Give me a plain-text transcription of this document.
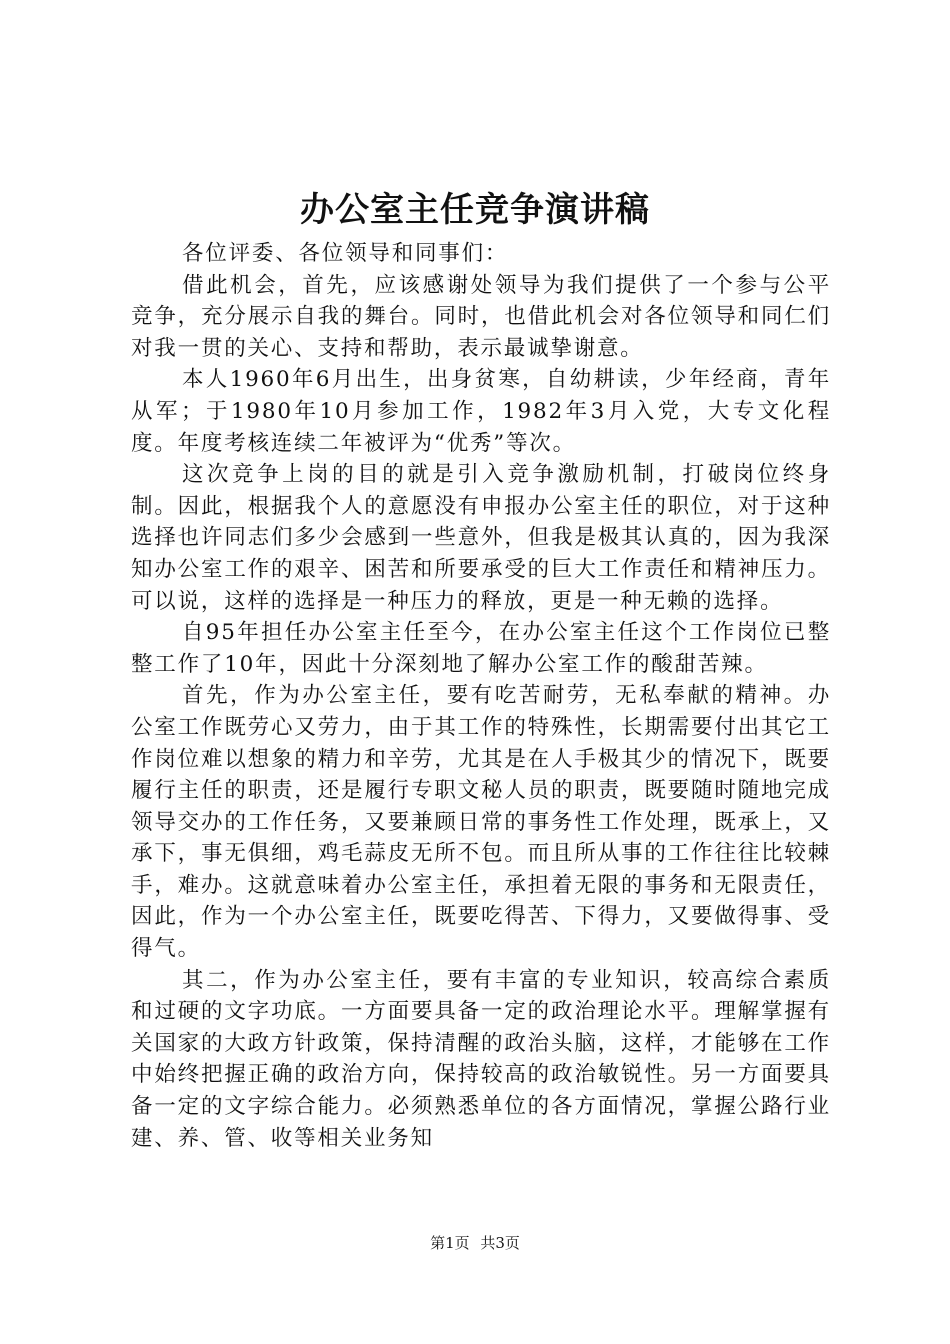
办公室主任竞争演讲稿

各位评委、各位领导和同事们：

借此机会，首先，应该感谢处领导为我们提供了一个参与公平竞争，充分展示自我的舞台。同时，也借此机会对各位领导和同仁们对我一贯的关心、支持和帮助，表示最诚挚谢意。

本人1960年6月出生，出身贫寒，自幼耕读，少年经商，青年从军；于1980年10月参加工作，1982年3月入党，大专文化程度。年度考核连续二年被评为“优秀”等次。

这次竞争上岗的目的就是引入竞争激励机制，打破岗位终身制。因此，根据我个人的意愿没有申报办公室主任的职位，对于这种选择也许同志们多少会感到一些意外，但我是极其认真的，因为我深知办公室工作的艰辛、困苦和所要承受的巨大工作责任和精神压力。可以说，这样的选择是一种压力的释放，更是一种无赖的选择。

自95年担任办公室主任至今，在办公室主任这个工作岗位已整整工作了10年，因此十分深刻地了解办公室工作的酸甜苦辣。

首先，作为办公室主任，要有吃苦耐劳，无私奉献的精神。办公室工作既劳心又劳力，由于其工作的特殊性，长期需要付出其它工作岗位难以想象的精力和辛劳，尤其是在人手极其少的情况下，既要履行主任的职责，还是履行专职文秘人员的职责，既要随时随地完成领导交办的工作任务，又要兼顾日常的事务性工作处理，既承上，又承下，事无俱细，鸡毛蒜皮无所不包。而且所从事的工作往往比较棘手，难办。这就意味着办公室主任，承担着无限的事务和无限责任，因此，作为一个办公室主任，既要吃得苦、下得力，又要做得事、受得气。

其二，作为办公室主任，要有丰富的专业知识，较高综合素质和过硬的文字功底。一方面要具备一定的政治理论水平。理解掌握有关国家的大政方针政策，保持清醒的政治头脑，这样，才能够在工作中始终把握正确的政治方向，保持较高的政治敏锐性。另一方面要具备一定的文字综合能力。必须熟悉单位的各方面情况，掌握公路行业建、养、管、收等相关业务知

第1页 共3页
